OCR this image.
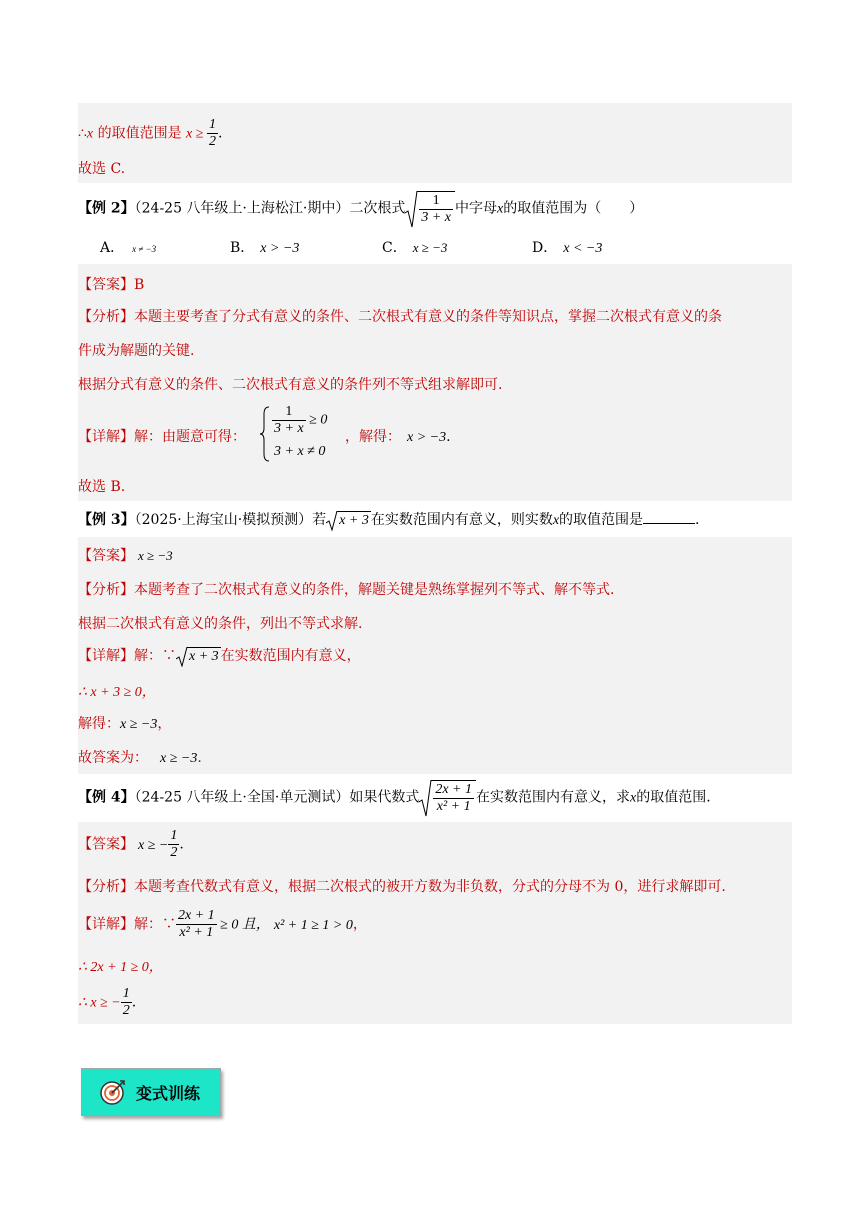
∴x 的取值范围是 $x \ge \frac{1}{2}$ .
故选 C.
【例 2】（24-25 八年级上·上海松江·期中）二次根式 $\frac{1}{3 + x}$ 中字母x的取值范围为（　　）
A． x ≠ −3	B． x > −3	C． x ≥ −3	D． x < −3
【答案】B
【分析】本题主要考查了分式有意义的条件、二次根式有意义的条件等知识点，掌握二次根式有意义的条
件成为解题的关键.
根据分式有意义的条件、二次根式有意义的条件列不等式组求解即可.
【详解】解：由题意可得： $\frac{1}{3 + x} \ge 0$
3 + x ≠ 0
，解得： x > −3.
故选 B.
【例 3】（2025·上海宝山·模拟预测）若 x + 3 在实数范围内有意义，则实数x的取值范围是	.
【答案】 x ≥ −3
【分析】本题考查了二次根式有意义的条件，解题关键是熟练掌握列不等式、解不等式.
根据二次根式有意义的条件，列出不等式求解.
【详解】解：∵ x + 3 在实数范围内有意义，
∴ x + 3 ≥ 0，
解得：x ≥ −3，
故答案为： x ≥ −3.
【例 4】（24-25 八年级上·全国·单元测试）如果代数式 $\frac{2x + 1}{\text{x² + 1}}$ 在实数范围内有意义，求x的取值范围.
【答案】 x ≥ − $\frac{1}{2}$ .
【分析】本题考查代数式有意义，根据二次根式的被开方数为非负数，分式的分母不为 0，进行求解即可.
【详解】解：∵ $\frac{2x + 1}{\text{x² + 1}} \ge 0$ 且， x² + 1 ≥ 1 > 0，
∴ 2x + 1 ≥ 0，
∴ x ≥ − $\frac{1}{2}$ .
变式训练
